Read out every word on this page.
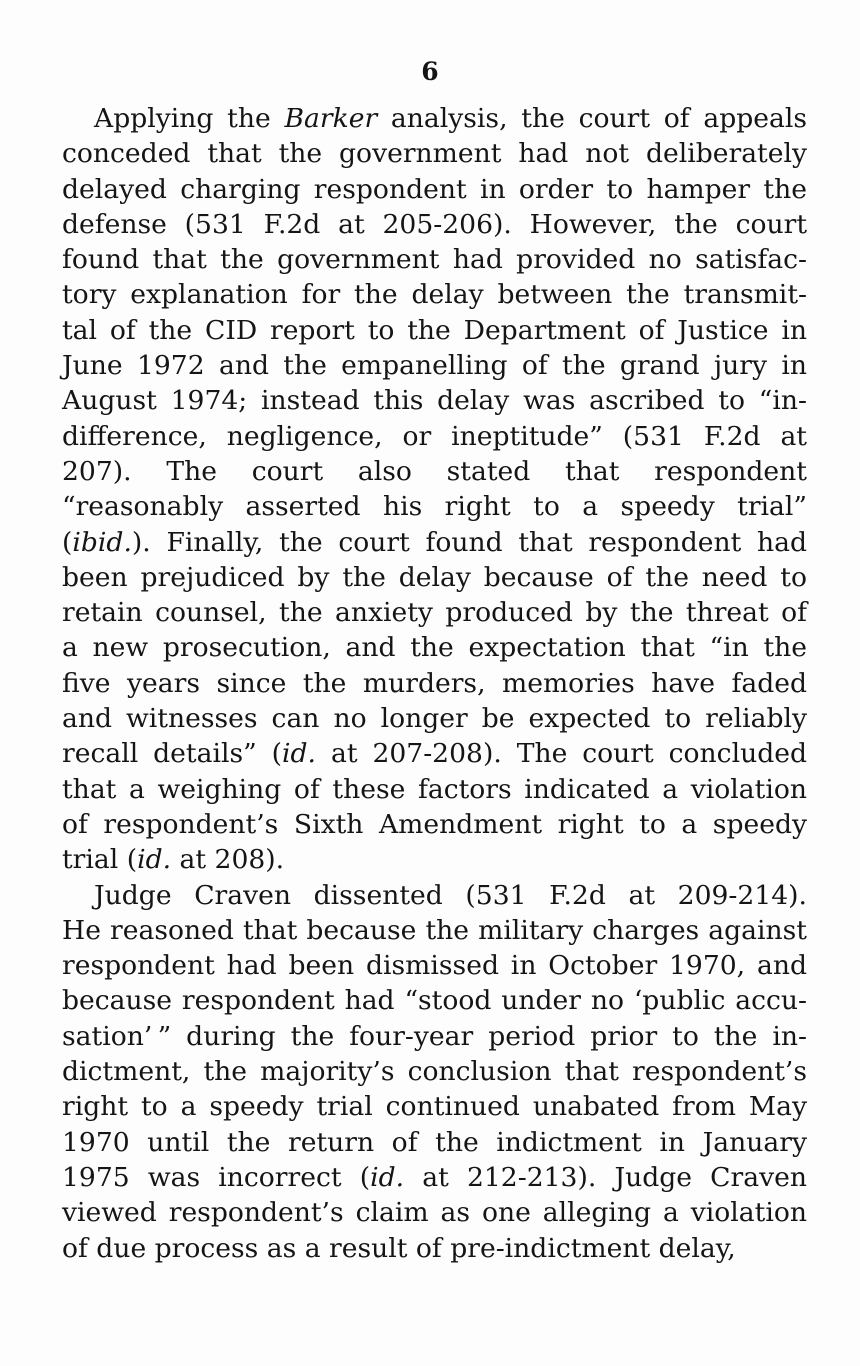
6
Applying the Barker analysis, the court of appeals
conceded that the government had not deliberately
delayed charging respondent in order to hamper the
defense (531 F.2d at 205-206). However, the court
found that the government had provided no satisfac-
tory explanation for the delay between the transmit-
tal of the CID report to the Department of Justice in
June 1972 and the empanelling of the grand jury in
August 1974; instead this delay was ascribed to “in-
difference, negligence, or ineptitude” (531 F.2d at
207). The court also stated that respondent
“reasonably asserted his right to a speedy trial”
(ibid.). Finally, the court found that respondent had
been prejudiced by the delay because of the need to
retain counsel, the anxiety produced by the threat of
a new prosecution, and the expectation that “in the
five years since the murders, memories have faded
and witnesses can no longer be expected to reliably
recall details” (id. at 207-208). The court concluded
that a weighing of these factors indicated a violation
of respondent’s Sixth Amendment right to a speedy
trial (id. at 208).
Judge Craven dissented (531 F.2d at 209-214).
He reasoned that because the military charges against
respondent had been dismissed in October 1970, and
because respondent had “stood under no ‘public accu-
sation’ ” during the four-year period prior to the in-
dictment, the majority’s conclusion that respondent’s
right to a speedy trial continued unabated from May
1970 until the return of the indictment in January
1975 was incorrect (id. at 212-213). Judge Craven
viewed respondent’s claim as one alleging a violation
of due process as a result of pre-indictment delay,
